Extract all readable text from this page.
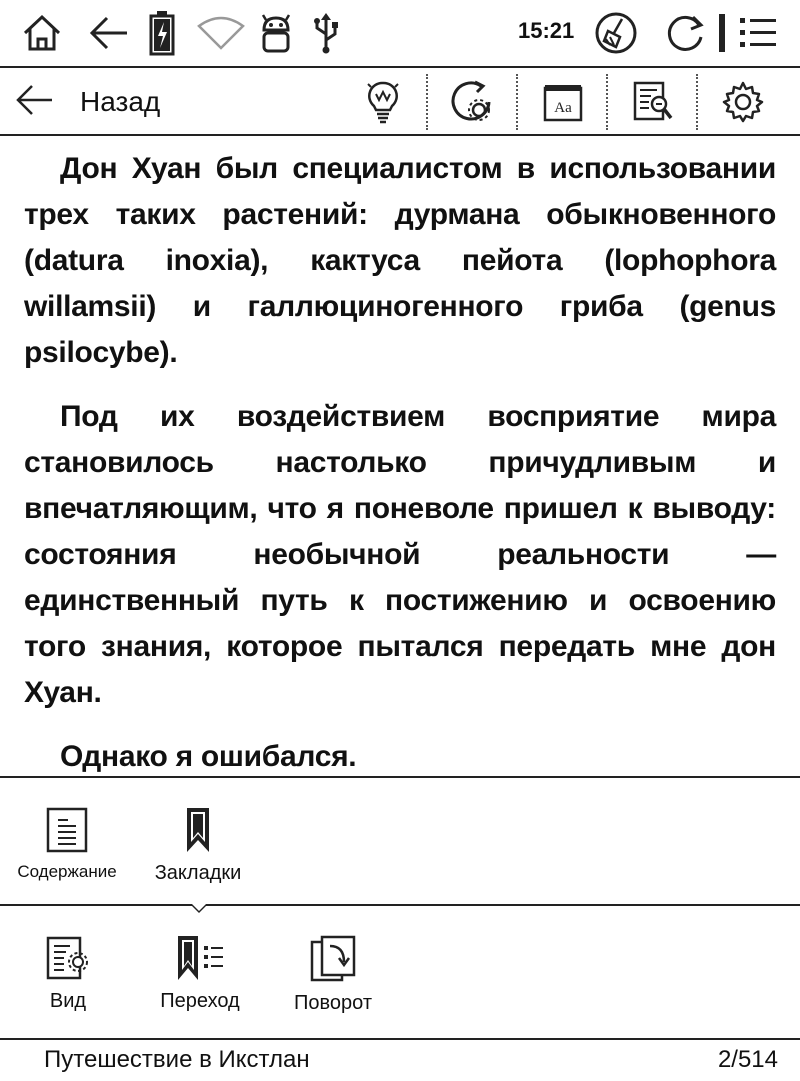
15:21
Назад	Aa

Дон Хуан был специалистом в использовании трех таких растений: дурмана обыкновенного (datura inoxia), кактуса пейота (lophophora willamsii) и галлюциногенного гриба (genus psilocybe).

Под их воздействием восприятие мира становилось настолько причудливым и впечатляющим, что я поневоле пришел к выводу: состояния необычной реальности — единственный путь к постижению и освоению того знания, которое пытался передать мне дон Хуан.

Однако я ошибался.

Содержание Закладки
Вид	Переход	Поворот
Путешествие в Икстлан	2/514
